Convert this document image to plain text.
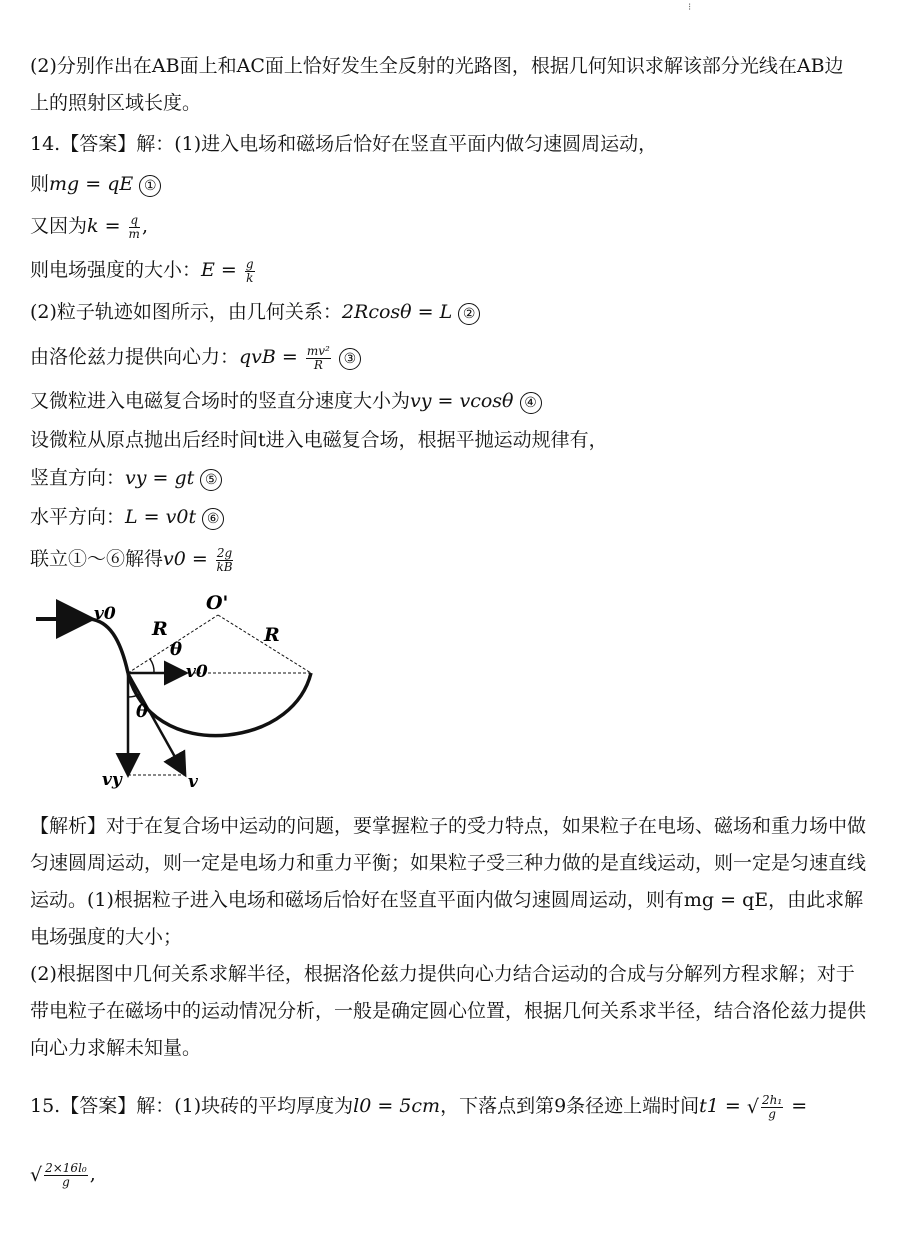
⁝
(2)分别作出在AB面上和AC面上恰好发生全反射的光路图，根据几何知识求解该部分光线在AB边
上的照射区域长度。
14.【答案】解：(1)进入电场和磁场后恰好在竖直平面内做匀速圆周运动，
则mg = qE ①
又因为$k = \frac{q}{m}$ ,
则电场强度的大小：$E = \frac{g}{k}$
(2)粒子轨迹如图所示，由几何关系：2Rcosθ = L ②
由洛伦兹力提供向心力：qvB = $\frac{\text{mv²}}{R}$ ③
又微粒进入电磁复合场时的竖直分速度大小为vy = vcosθ ④
设微粒从原点抛出后经时间t进入电磁复合场，根据平抛运动规律有，
竖直方向：vy = gt ⑤
水平方向：L = v0t ⑥
联立①～⑥解得$v0 = \frac{2g}{kB}$
v0	O'
R
θ
v0
R
θ
vy	v
【解析】对于在复合场中运动的问题，要掌握粒子的受力特点，如果粒子在电场、磁场和重力场中做匀速圆周运动，则一定是电场力和重力平衡；如果粒子受三种力做的是直线运动，则一定是匀速直线运动。(1)根据粒子进入电场和磁场后恰好在竖直平面内做匀速圆周运动，则有mg = qE，由此求解电场强度的大小；
(2)根据图中几何关系求解半径，根据洛伦兹力提供向心力结合运动的合成与分解列方程求解；对于带电粒子在磁场中的运动情况分析，一般是确定圆心位置，根据几何关系求半径，结合洛伦兹力提供向心力求解未知量。
15.【答案】解：(1)块砖的平均厚度为l0 = 5cm，下落点到第9条径迹上端时间t1 = √ $\frac{\text{2h₁}}{g}$ =
√ $\frac{\text{2×16l₀}}{g}$ ,
